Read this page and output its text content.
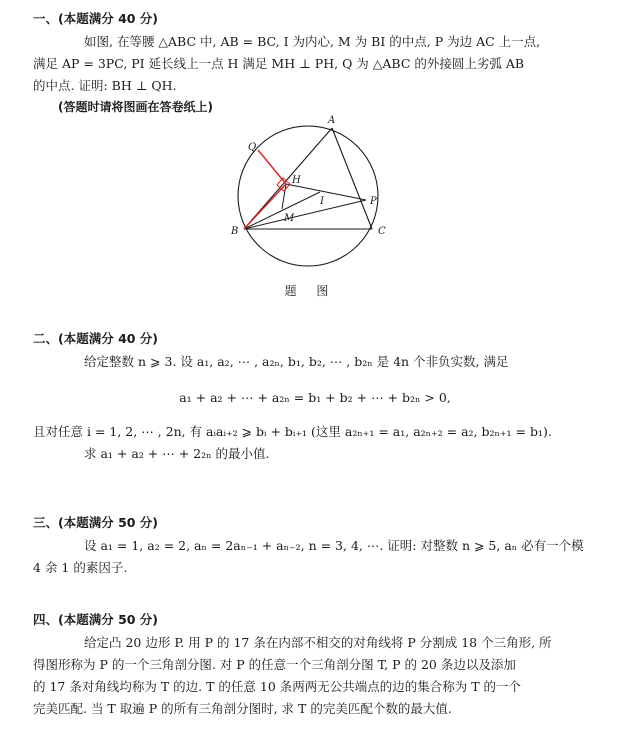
一、(本题满分 40 分)
如图, 在等腰 △ABC 中, AB = BC, I 为内心, M 为 BI 的中点, P 为边 AC 上一点,
满足 AP = 3PC, PI 延长线上一点 H 满足 MH ⊥ PH, Q 为 △ABC 的外接圆上劣弧 AB
的中点. 证明: BH ⊥ QH.
(答题时请将图画在答卷纸上)
A
B	C
P
Q
H
I
M
题 图
二、(本题满分 40 分)
给定整数 n ⩾ 3. 设 a₁, a₂, ⋯ , a₂ₙ, b₁, b₂, ⋯ , b₂ₙ 是 4n 个非负实数, 满足
a₁ + a₂ + ⋯ + a₂ₙ = b₁ + b₂ + ⋯ + b₂ₙ > 0,
且对任意 i = 1, 2, ⋯ , 2n, 有 aᵢaᵢ₊₂ ⩾ bᵢ + bᵢ₊₁ (这里 a₂ₙ₊₁ = a₁, a₂ₙ₊₂ = a₂, b₂ₙ₊₁ = b₁).
求 a₁ + a₂ + ⋯ + 2₂ₙ 的最小值.
三、(本题满分 50 分)
设 a₁ = 1, a₂ = 2, aₙ = 2aₙ₋₁ + aₙ₋₂, n = 3, 4, ⋯. 证明: 对整数 n ⩾ 5, aₙ 必有一个模
4 余 1 的素因子.
四、(本题满分 50 分)
给定凸 20 边形 P. 用 P 的 17 条在内部不相交的对角线将 P 分割成 18 个三角形, 所
得图形称为 P 的一个三角剖分图. 对 P 的任意一个三角剖分图 T, P 的 20 条边以及添加
的 17 条对角线均称为 T 的边. T 的任意 10 条两两无公共端点的边的集合称为 T 的一个
完美匹配. 当 T 取遍 P 的所有三角剖分图时, 求 T 的完美匹配个数的最大值.
